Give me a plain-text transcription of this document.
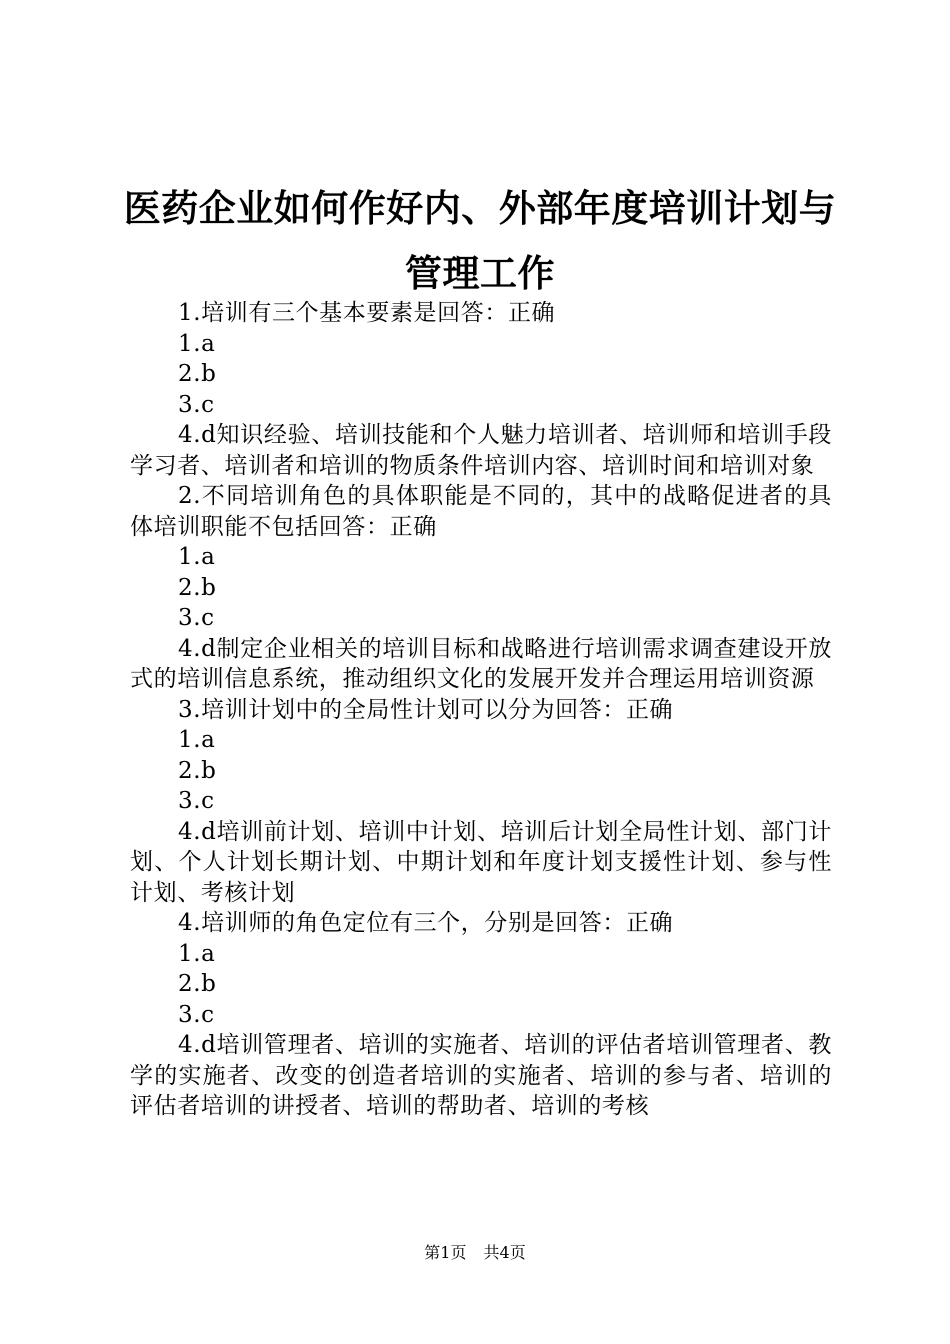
医药企业如何作好内、外部年度培训计划与管理工作

1.培训有三个基本要素是回答：正确

1.a

2.b

3.c

4.d知识经验、培训技能和个人魅力培训者、培训师和培训手段学习者、培训者和培训的物质条件培训内容、培训时间和培训对象

2.不同培训角色的具体职能是不同的，其中的战略促进者的具体培训职能不包括回答：正确

1.a

2.b

3.c

4.d制定企业相关的培训目标和战略进行培训需求调查建设开放式的培训信息系统，推动组织文化的发展开发并合理运用培训资源

3.培训计划中的全局性计划可以分为回答：正确

1.a

2.b

3.c

4.d培训前计划、培训中计划、培训后计划全局性计划、部门计划、个人计划长期计划、中期计划和年度计划支援性计划、参与性计划、考核计划

4.培训师的角色定位有三个，分别是回答：正确

1.a

2.b

3.c

4.d培训管理者、培训的实施者、培训的评估者培训管理者、教学的实施者、改变的创造者培训的实施者、培训的参与者、培训的评估者培训的讲授者、培训的帮助者、培训的考核

第1页 共4页
